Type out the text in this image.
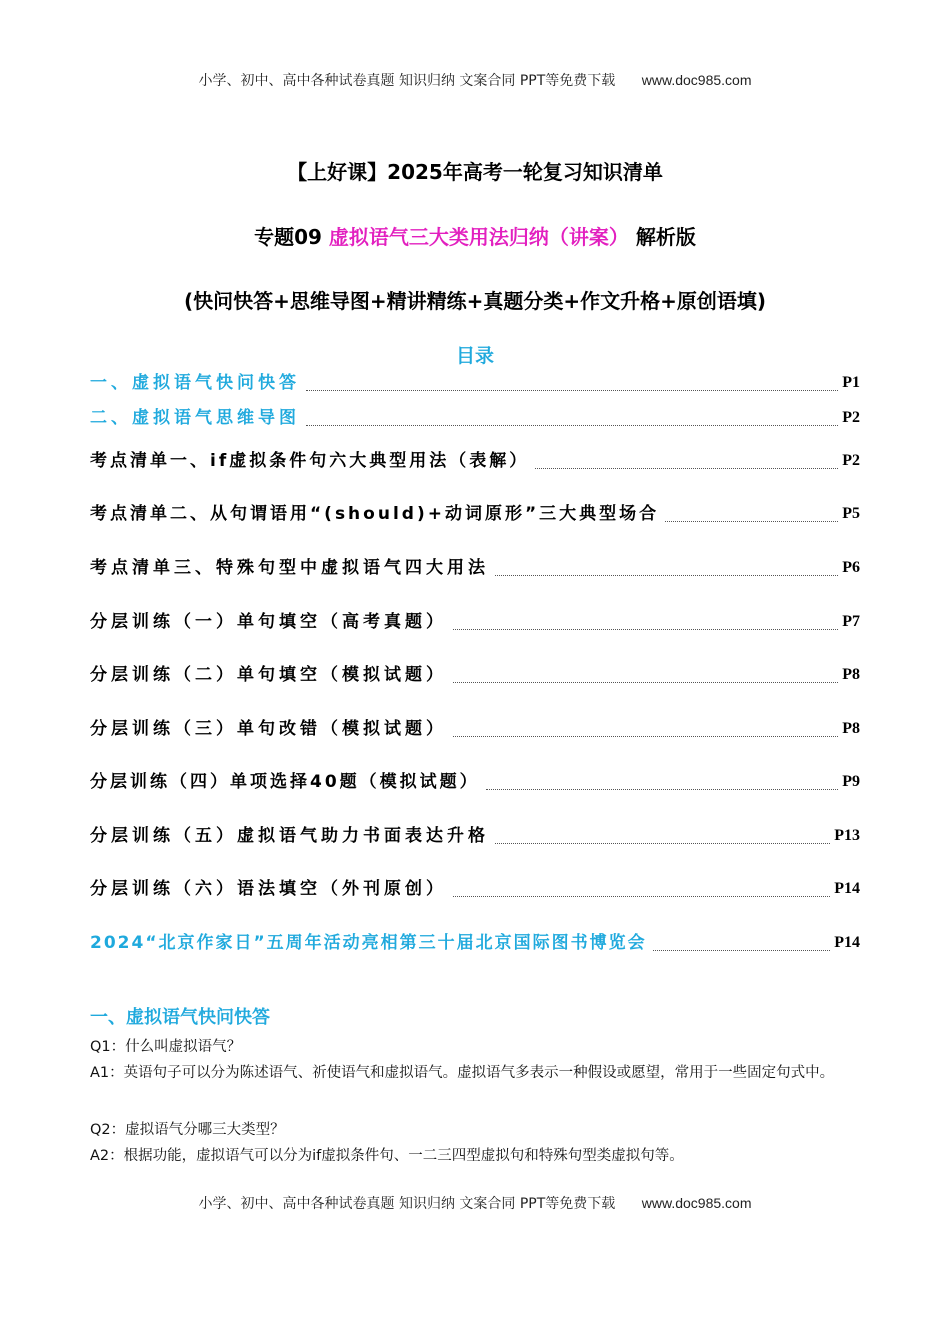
小学、初中、高中各种试卷真题 知识归纳 文案合同 PPT等免费下载 www.doc985.com
【上好课】2025年高考一轮复习知识清单
专题09 虚拟语气三大类用法归纳（讲案） 解析版
(快问快答+思维导图+精讲精练+真题分类+作文升格+原创语填)
目录
一、虚拟语气快问快答	P1
二、虚拟语气思维导图	P2
考点清单一、if虚拟条件句六大典型用法（表解）	P2
考点清单二、从句谓语用“(should)+动词原形”三大典型场合	P5
考点清单三、特殊句型中虚拟语气四大用法	P6
分层训练（一）单句填空（高考真题）	P7
分层训练（二）单句填空（模拟试题）	P8
分层训练（三）单句改错（模拟试题）	P8
分层训练（四）单项选择40题（模拟试题）	P9
分层训练（五）虚拟语气助力书面表达升格	P13
分层训练（六）语法填空（外刊原创）	P14
2024“北京作家日”五周年活动亮相第三十届北京国际图书博览会	P14
一、虚拟语气快问快答
Q1：什么叫虚拟语气？
A1：英语句子可以分为陈述语气、祈使语气和虚拟语气。虚拟语气多表示一种假设或愿望，常用于一些固定句式中。
Q2：虚拟语气分哪三大类型？
A2：根据功能，虚拟语气可以分为if虚拟条件句、一二三四型虚拟句和特殊句型类虚拟句等。
小学、初中、高中各种试卷真题 知识归纳 文案合同 PPT等免费下载 www.doc985.com
